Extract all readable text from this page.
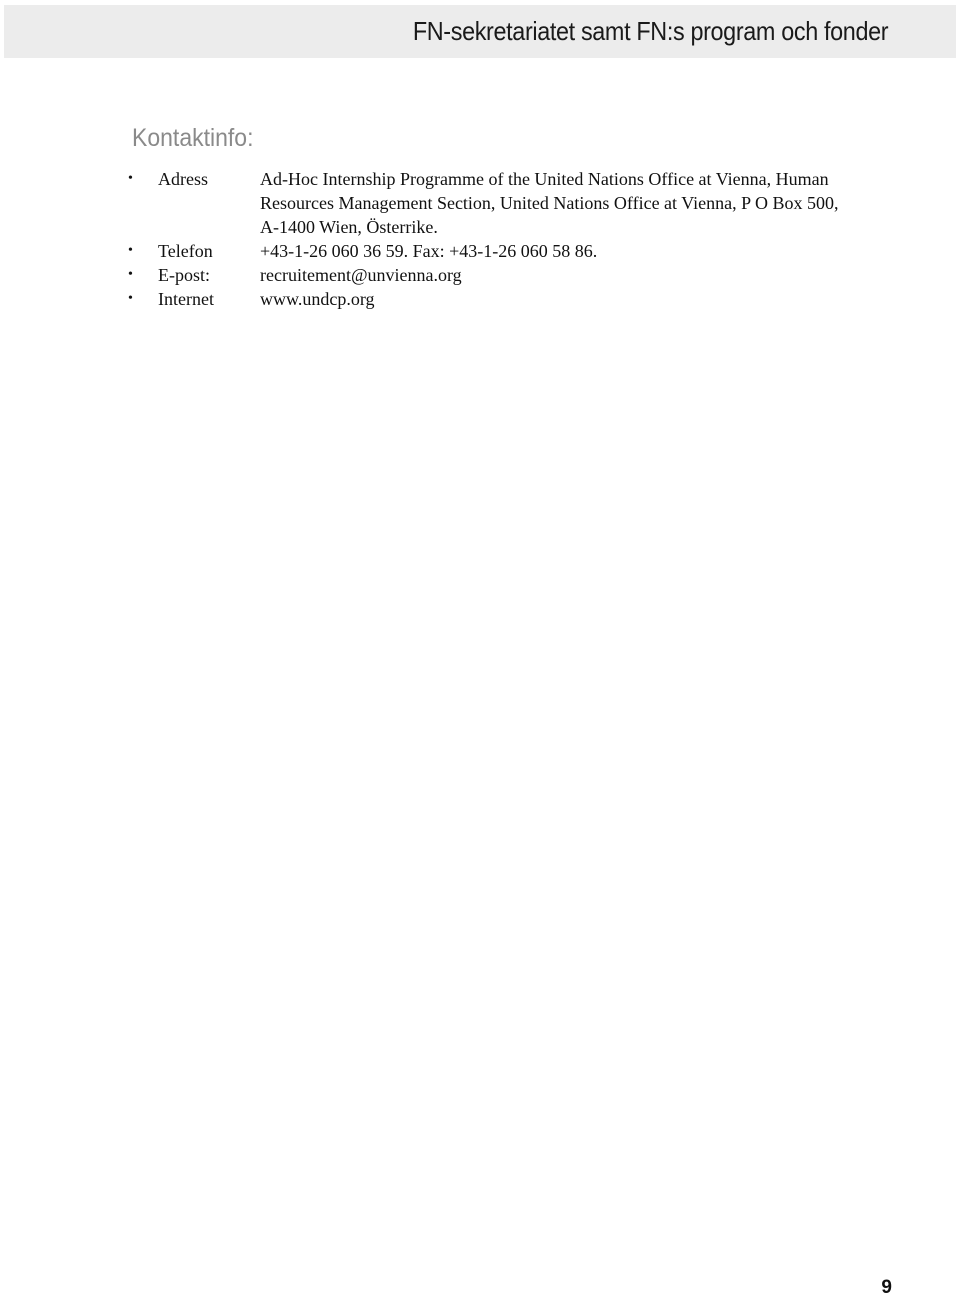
FN-sekretariatet samt FN:s program och fonder
Kontaktinfo:
•	Adress	Ad-Hoc Internship Programme of the United Nations Office at Vienna, Human Resources Management Section, United Nations Office at Vienna, P O Box 500, A-1400 Wien, Österrike.
•	Telefon	+43-1-26 060 36 59. Fax: +43-1-26 060 58 86.
•	E-post:	recruitement@unvienna.org
•	Internet	www.undcp.org
9
